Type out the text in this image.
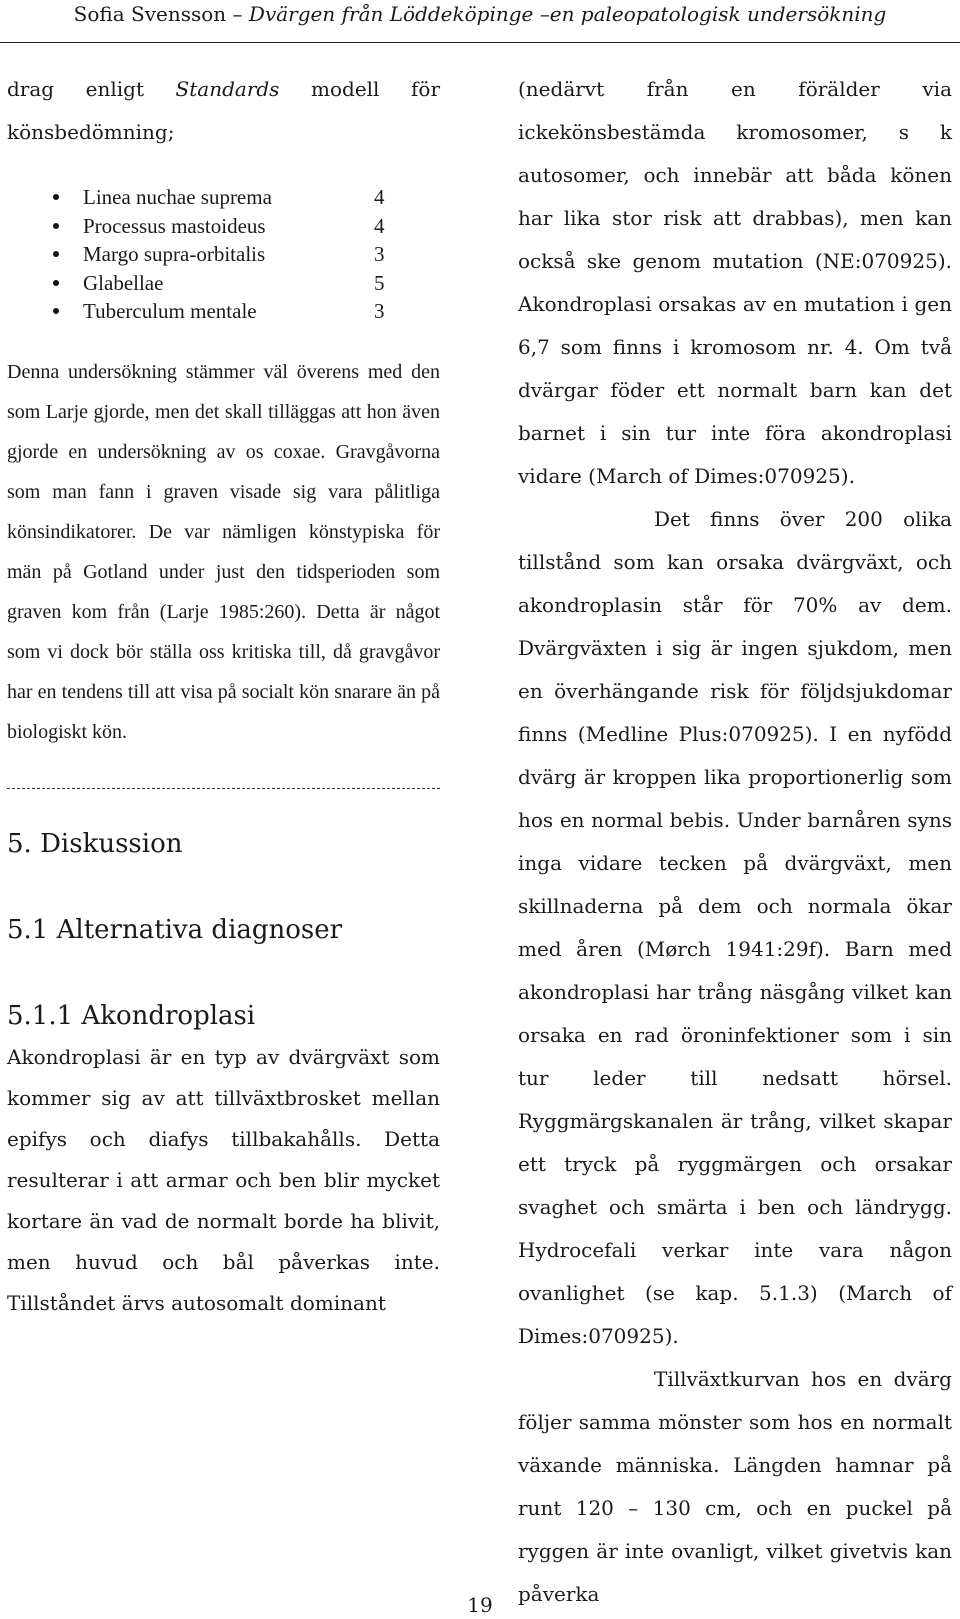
Sofia Svensson – Dvärgen från Löddeköpinge –en paleopatologisk undersökning

drag enligt Standards modell för könsbedömning;

Linea nuchae suprema	4
Processus mastoideus	4
Margo supra-orbitalis	3
Glabellae	5
Tuberculum mentale	3

Denna undersökning stämmer väl överens med den som Larje gjorde, men det skall tilläggas att hon även gjorde en undersökning av os coxae. Gravgåvorna som man fann i graven visade sig vara pålitliga könsindikatorer. De var nämligen könstypiska för män på Gotland under just den tidsperioden som graven kom från (Larje 1985:260). Detta är något som vi dock bör ställa oss kritiska till, då gravgåvor har en tendens till att visa på socialt kön snarare än på biologiskt kön.

5. Diskussion
5.1 Alternativa diagnoser
5.1.1 Akondroplasi

Akondroplasi är en typ av dvärgväxt som kommer sig av att tillväxtbrosket mellan epifys och diafys tillbakahålls. Detta resulterar i att armar och ben blir mycket kortare än vad de normalt borde ha blivit, men huvud och bål påverkas inte. Tillståndet ärvs autosomalt dominant

(nedärvt från en förälder via ickekönsbestämda kromosomer, s k autosomer, och innebär att båda könen har lika stor risk att drabbas), men kan också ske genom mutation (NE:070925). Akondroplasi orsakas av en mutation i gen 6,7 som finns i kromosom nr. 4. Om två dvärgar föder ett normalt barn kan det barnet i sin tur inte föra akondroplasi vidare (March of Dimes:070925).

Det finns över 200 olika tillstånd som kan orsaka dvärgväxt, och akondroplasin står för 70% av dem. Dvärgväxten i sig är ingen sjukdom, men en överhängande risk för följdsjukdomar finns (Medline Plus:070925). I en nyfödd dvärg är kroppen lika proportionerlig som hos en normal bebis. Under barnåren syns inga vidare tecken på dvärgväxt, men skillnaderna på dem och normala ökar med åren (Mørch 1941:29f). Barn med akondroplasi har trång näsgång vilket kan orsaka en rad öroninfektioner som i sin tur leder till nedsatt hörsel. Ryggmärgskanalen är trång, vilket skapar ett tryck på ryggmärgen och orsakar svaghet och smärta i ben och ländrygg. Hydrocefali verkar inte vara någon ovanlighet (se kap. 5.1.3) (March of Dimes:070925).

Tillväxtkurvan hos en dvärg följer samma mönster som hos en normalt växande människa. Längden hamnar på runt 120 – 130 cm, och en puckel på ryggen är inte ovanligt, vilket givetvis kan påverka

19
